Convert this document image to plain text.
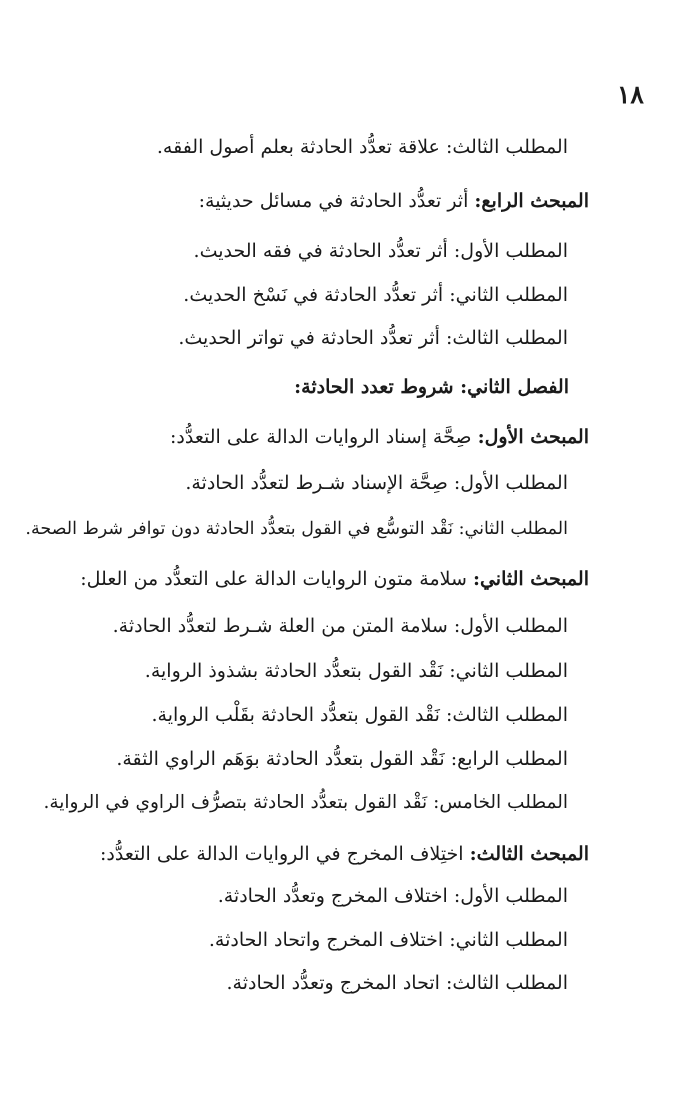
١٨
المطلب الثالث: علاقة تعدُّد الحادثة بعلم أصول الفقه.
المبحث الرابع: أثر تعدُّد الحادثة في مسائل حديثية:
المطلب الأول: أثر تعدُّد الحادثة في فقه الحديث.
المطلب الثاني: أثر تعدُّد الحادثة في نَسْخ الحديث.
المطلب الثالث: أثر تعدُّد الحادثة في تواتر الحديث.
الفصل الثاني: شروط تعدد الحادثة:
المبحث الأول: صِحَّة إسناد الروايات الدالة على التعدُّد:
المطلب الأول: صِحَّة الإسناد شـرط لتعدُّد الحادثة.
المطلب الثاني: نَقْد التوسُّع في القول بتعدُّد الحادثة دون توافر شرط الصحة.
المبحث الثاني: سلامة متون الروايات الدالة على التعدُّد من العلل:
المطلب الأول: سلامة المتن من العلة شـرط لتعدُّد الحادثة.
المطلب الثاني: نَقْد القول بتعدُّد الحادثة بشذوذ الرواية.
المطلب الثالث: نَقْد القول بتعدُّد الحادثة بقَلْب الرواية.
المطلب الرابع: نَقْد القول بتعدُّد الحادثة بوَهَم الراوي الثقة.
المطلب الخامس: نَقْد القول بتعدُّد الحادثة بتصرُّف الراوي في الرواية.
المبحث الثالث: اختِلاف المخرج في الروايات الدالة على التعدُّد:
المطلب الأول: اختلاف المخرج وتعدُّد الحادثة.
المطلب الثاني: اختلاف المخرج واتحاد الحادثة.
المطلب الثالث: اتحاد المخرج وتعدُّد الحادثة.
